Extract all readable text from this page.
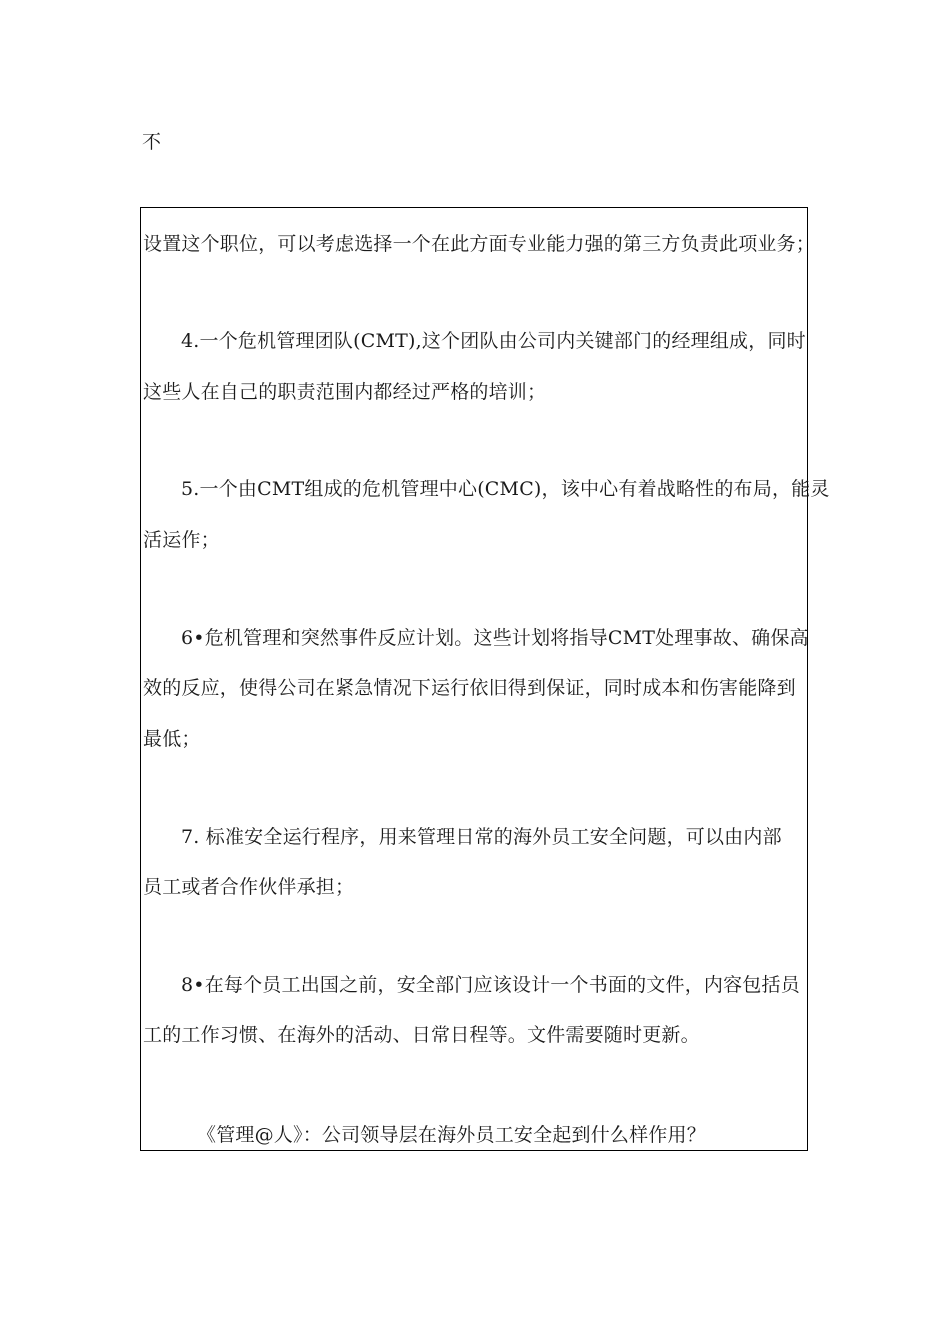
不

设置这个职位，可以考虑选择一个在此方面专业能力强的第三方负责此项业务；

4.一个危机管理团队(CMT),这个团队由公司内关键部门的经理组成，同时

这些人在自己的职责范围内都经过严格的培训；

5.一个由CMT组成的危机管理中心(CMC)，该中心有着战略性的布局，能灵

活运作；

6•危机管理和突然事件反应计划。这些计划将指导CMT处理事故、确保高

效的反应，使得公司在紧急情况下运行依旧得到保证，同时成本和伤害能降到

最低；

7. 标准安全运行程序，用来管理日常的海外员工安全问题，可以由内部

员工或者合作伙伴承担；

8•在每个员工出国之前，安全部门应该设计一个书面的文件，内容包括员

工的工作习惯、在海外的活动、日常日程等。文件需要随时更新。

《管理@人》：公司领导层在海外员工安全起到什么样作用？
